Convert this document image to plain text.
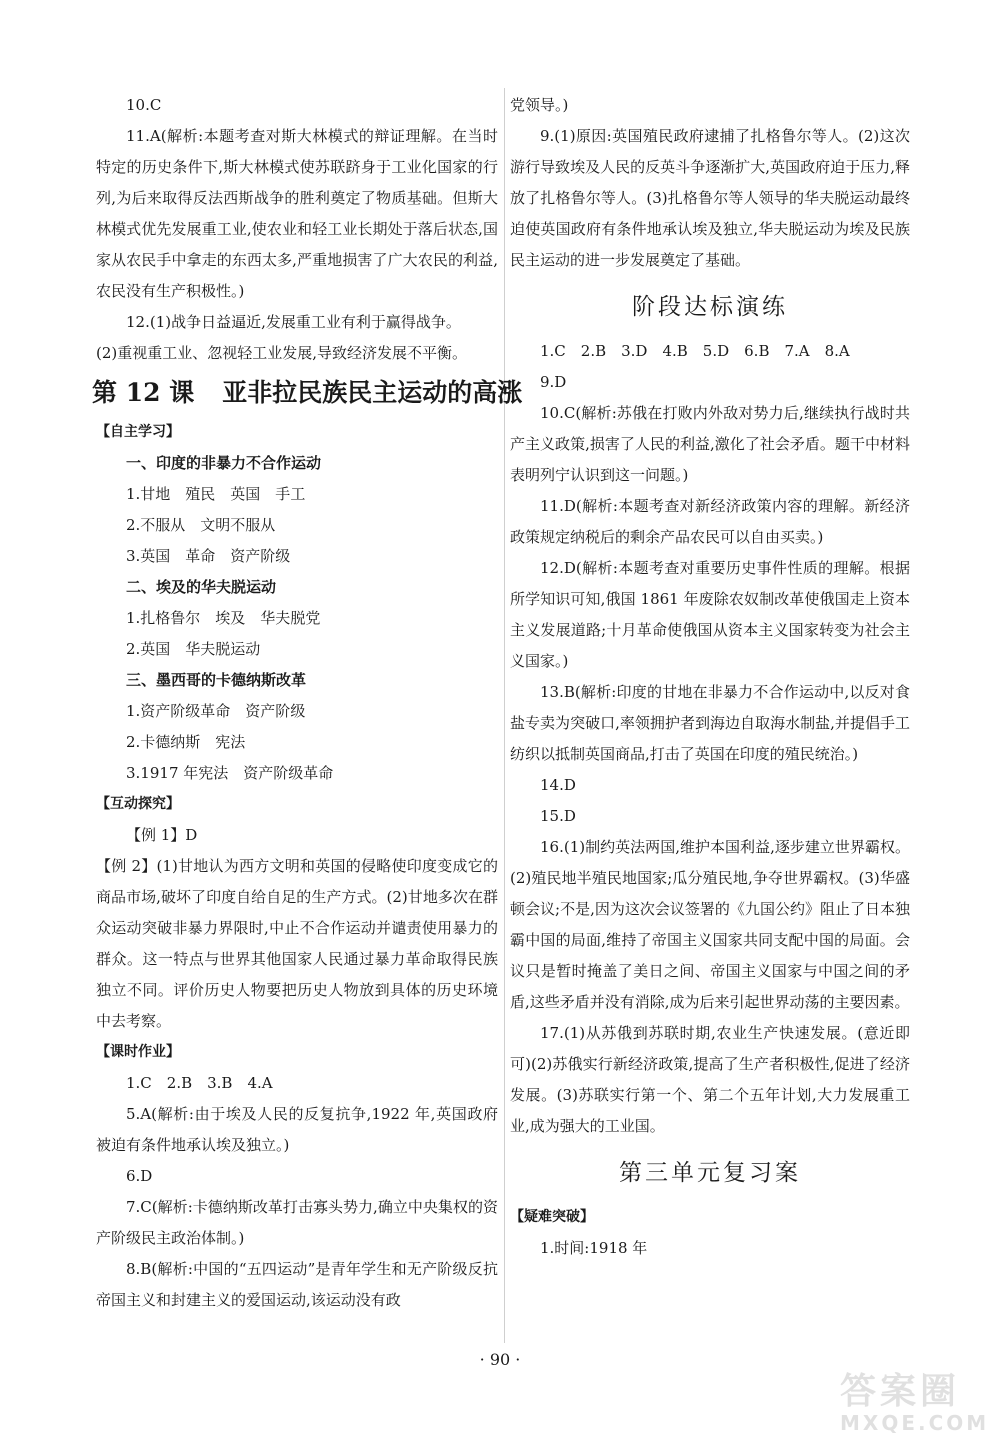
10.C

11.A(解析:本题考查对斯大林模式的辩证理解。在当时特定的历史条件下,斯大林模式使苏联跻身于工业化国家的行列,为后来取得反法西斯战争的胜利奠定了物质基础。但斯大林模式优先发展重工业,使农业和轻工业长期处于落后状态,国家从农民手中拿走的东西太多,严重地损害了广大农民的利益,农民没有生产积极性。)

12.(1)战争日益逼近,发展重工业有利于赢得战争。

(2)重视重工业、忽视轻工业发展,导致经济发展不平衡。

第 12 课 亚非拉民族民主运动的高涨

【自主学习】

一、印度的非暴力不合作运动

1.甘地　殖民　英国　手工

2.不服从　文明不服从

3.英国　革命　资产阶级

二、埃及的华夫脱运动

1.扎格鲁尔　埃及　华夫脱党

2.英国　华夫脱运动

三、墨西哥的卡德纳斯改革

1.资产阶级革命　资产阶级

2.卡德纳斯　宪法

3.1917 年宪法　资产阶级革命

【互动探究】

【例 1】D

【例 2】(1)甘地认为西方文明和英国的侵略使印度变成它的商品市场,破坏了印度自给自足的生产方式。(2)甘地多次在群众运动突破非暴力界限时,中止不合作运动并谴责使用暴力的群众。这一特点与世界其他国家人民通过暴力革命取得民族独立不同。评价历史人物要把历史人物放到具体的历史环境中去考察。

【课时作业】

1.C　2.B　3.B　4.A

5.A(解析:由于埃及人民的反复抗争,1922 年,英国政府被迫有条件地承认埃及独立。)

6.D

7.C(解析:卡德纳斯改革打击寡头势力,确立中央集权的资产阶级民主政治体制。)

8.B(解析:中国的“五四运动”是青年学生和无产阶级反抗帝国主义和封建主义的爱国运动,该运动没有政

党领导。)

9.(1)原因:英国殖民政府逮捕了扎格鲁尔等人。(2)这次游行导致埃及人民的反英斗争逐渐扩大,英国政府迫于压力,释放了扎格鲁尔等人。(3)扎格鲁尔等人领导的华夫脱运动最终迫使英国政府有条件地承认埃及独立,华夫脱运动为埃及民族民主运动的进一步发展奠定了基础。

阶段达标演练

1.C　2.B　3.D　4.B　5.D　6.B　7.A　8.A

9.D

10.C(解析:苏俄在打败内外敌对势力后,继续执行战时共产主义政策,损害了人民的利益,激化了社会矛盾。题干中材料表明列宁认识到这一问题。)

11.D(解析:本题考查对新经济政策内容的理解。新经济政策规定纳税后的剩余产品农民可以自由买卖。)

12.D(解析:本题考查对重要历史事件性质的理解。根据所学知识可知,俄国 1861 年废除农奴制改革使俄国走上资本主义发展道路;十月革命使俄国从资本主义国家转变为社会主义国家。)

13.B(解析:印度的甘地在非暴力不合作运动中,以反对食盐专卖为突破口,率领拥护者到海边自取海水制盐,并提倡手工纺织以抵制英国商品,打击了英国在印度的殖民统治。)

14.D

15.D

16.(1)制约英法两国,维护本国利益,逐步建立世界霸权。(2)殖民地半殖民地国家;瓜分殖民地,争夺世界霸权。(3)华盛顿会议;不是,因为这次会议签署的《九国公约》阻止了日本独霸中国的局面,维持了帝国主义国家共同支配中国的局面。会议只是暂时掩盖了美日之间、帝国主义国家与中国之间的矛盾,这些矛盾并没有消除,成为后来引起世界动荡的主要因素。

17.(1)从苏俄到苏联时期,农业生产快速发展。(意近即可)(2)苏俄实行新经济政策,提高了生产者积极性,促进了经济发展。(3)苏联实行第一个、第二个五年计划,大力发展重工业,成为强大的工业国。

第三单元复习案

【疑难突破】

1.时间:1918 年

· 90 ·
答案圈
MXQE.COM
